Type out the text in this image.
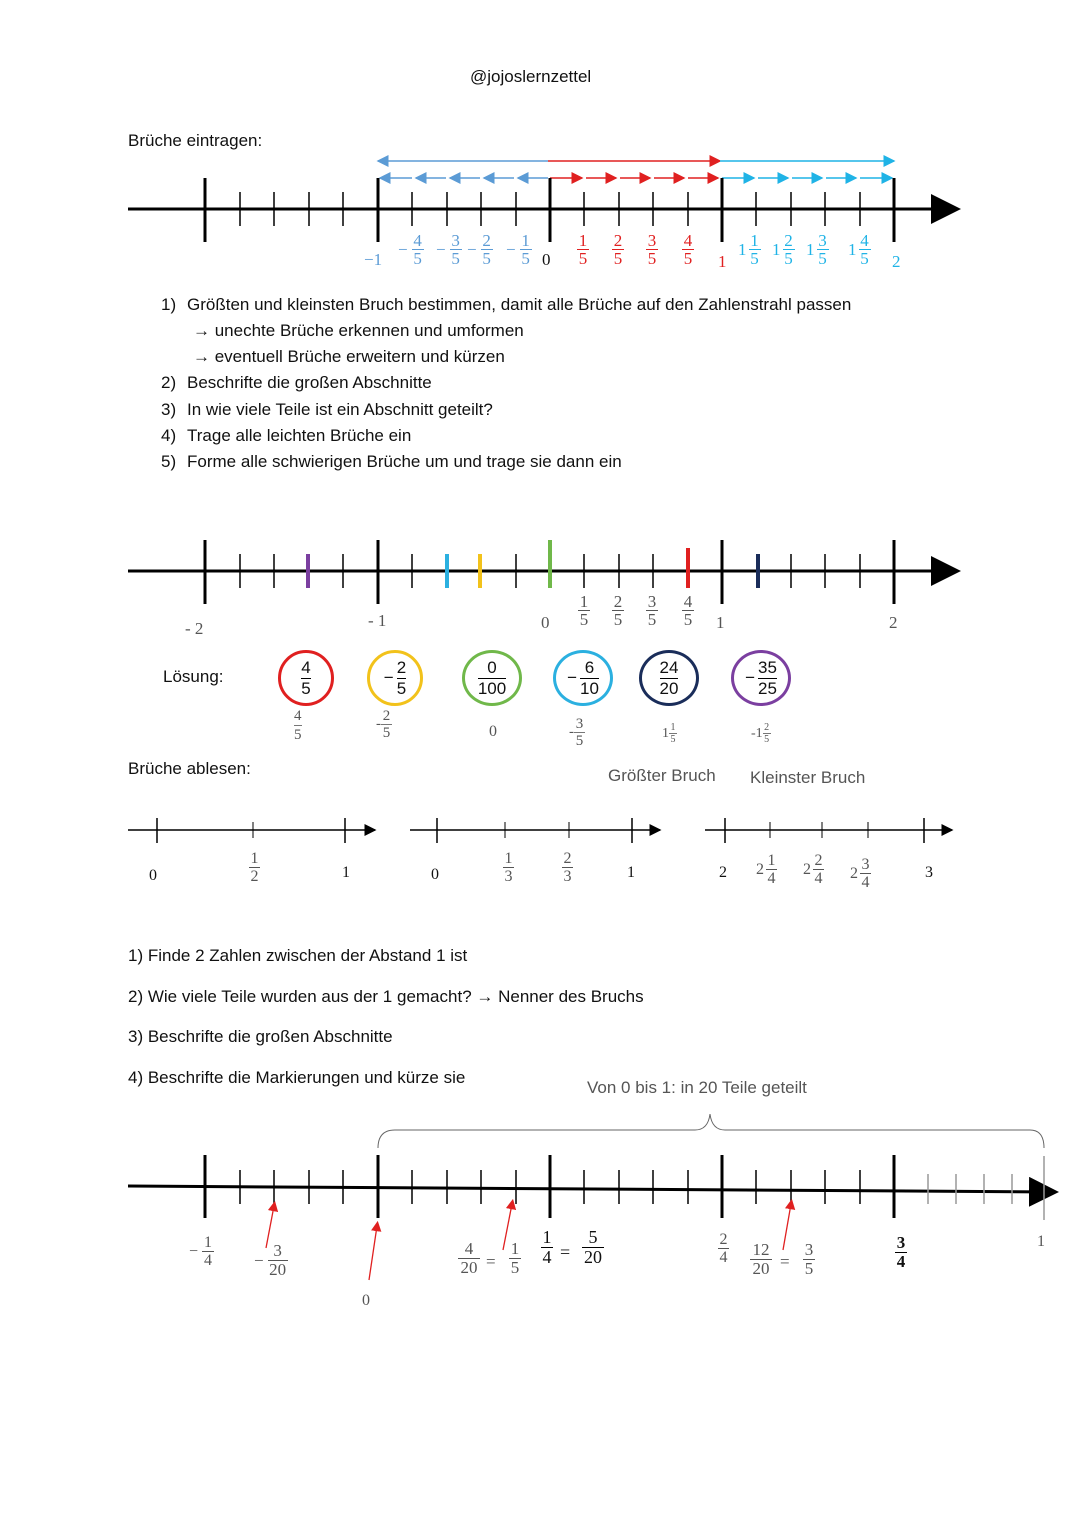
@jojoslernzettel
Brüche eintragen:
−1
− 4
5 − 3
5 − 2
5 − 1
5 0
1
5
2
5
3
5
4
5 1
1 1
5 1 2
5 1 3
5 1 4
5 2
1) Größten und kleinsten Bruch bestimmen, damit alle Brüche auf den Zahlenstrahl passen
→ unechte Brüche erkennen und umformen
→ eventuell Brüche erweitern und kürzen
2) Beschrifte die großen Abschnitte
3) In wie viele Teile ist ein Abschnitt geteilt?
4) Trage alle leichten Brüche ein
5) Forme alle schwierigen Brüche um und trage sie dann ein
- 2	- 1	0
1
5
2
5
3
5
4
5 1	2
Lösung:	4
5
−
2
5
0
100
−
6
10
24
20
−
35
25
4
5
- 2
5	0	- 3
5	1 1
5	-1 2
5
Größter Bruch Kleinster Bruch
Brüche ablesen:
0
1
2	1	0
1
3
2
3	1	2 2 1
4
2 2
4 2 3
4
3
1) Finde 2 Zahlen zwischen der Abstand 1 ist
2) Wie viele Teile wurden aus der 1 gemacht? → Nenner des Bruchs
3) Beschrifte die großen Abschnitte
4) Beschrifte die Markierungen und kürze sie
Von 0 bis 1: in 20 Teile geteilt
− 1
4 − 3
20
0
4
20 =
1
5
1
4 =
5
20
2
4 12
20 =
3
5
3
4
1
